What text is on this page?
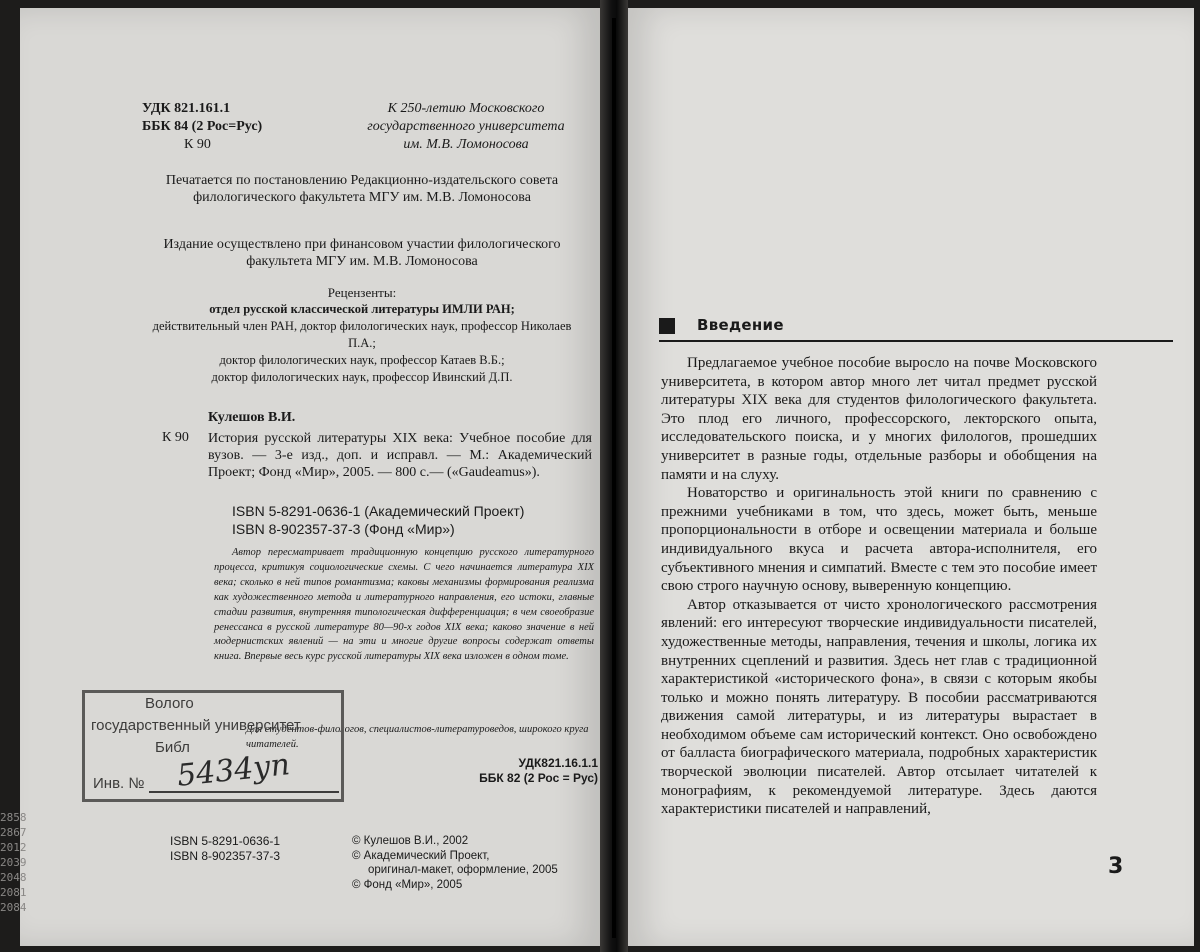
2858
2867
2012
2039
2048
2081
2084
УДК 821.161.1
ББК 84 (2 Рос=Рус)
К 90
К 250-летию Московского
государственного университета
им. М.В. Ломоносова
Печатается по постановлению Редакционно-издательского совета филологического факультета МГУ им. М.В. Ломоносова
Издание осуществлено при финансовом участии филологического факультета МГУ им. М.В. Ломоносова
Рецензенты:
отдел русской классической литературы ИМЛИ РАН;
действительный член РАН, доктор филологических наук, профессор Николаев П.А.;
доктор филологических наук, профессор Катаев В.Б.;
доктор филологических наук, профессор Ивинский Д.П.
Кулешов В.И.
К 90 История русской литературы XIX века: Учебное пособие для вузов. — 3-е изд., доп. и исправл. — М.: Академический Проект; Фонд «Мир», 2005. — 800 с.— («Gaudeamus»).
ISBN 5-8291-0636-1 (Академический Проект)
ISBN 8-902357-37-3 (Фонд «Мир»)
Автор пересматривает традиционную концепцию русского литературного процесса, критикуя социологические схемы. С чего начинается литература XIX века; сколько в ней типов романтизма; каковы механизмы формирования реализма как художественного метода и литературного направления, его истоки, главные стадии развития, внутренняя типологическая дифференциация; в чем своеобразие ренессанса в русской литературе 80—90-х годов XIX века; каково значение в ней модернистских явлений — на эти и многие другие вопросы содержат ответы книга. Впервые весь курс русской литературы XIX века изложен в одном томе.
Для студентов-филологов, специалистов-литературоведов, широкого круга читателей.
УДК821.16.1.1
ББК 82 (2 Рос = Рус)
ISBN 5-8291-0636-1
ISBN 8-902357-37-3
© Кулешов В.И., 2002
© Академический Проект,
оригинал-макет, оформление, 2005
© Фонд «Мир», 2005
Волого
государственный университет
Библ
Инв. № 5434уп
Введение

Предлагаемое учебное пособие выросло на почве Московского университета, в котором автор много лет читал предмет русской литературы XIX века для студентов филологического факультета. Это плод его личного, профессорского, лекторского опыта, исследовательского поиска, и у многих филологов, прошедших университет в разные годы, отдельные разборы и обобщения на памяти и на слуху.

Новаторство и оригинальность этой книги по сравнению с прежними учебниками в том, что здесь, может быть, меньше пропорциональности в отборе и освещении материала и больше индивидуального вкуса и расчета автора-исполнителя, его субъективного мнения и симпатий. Вместе с тем это пособие имеет свою строго научную основу, выверенную концепцию.

Автор отказывается от чисто хронологического рассмотрения явлений: его интересуют творческие индивидуальности писателей, художественные методы, направления, течения и школы, логика их внутренних сцеплений и развития. Здесь нет глав с традиционной характеристикой «исторического фона», в связи с которым якобы только и можно понять литературу. В пособии рассматриваются движения самой литературы, и из литературы вырастает в необходимом объеме сам исторический контекст. Оно освобождено от балласта биографического материала, подробных характеристик творческой эволюции писателей. Автор отсылает читателей к монографиям, к рекомендуемой литературе. Здесь даются характеристики писателей и направлений,

3
